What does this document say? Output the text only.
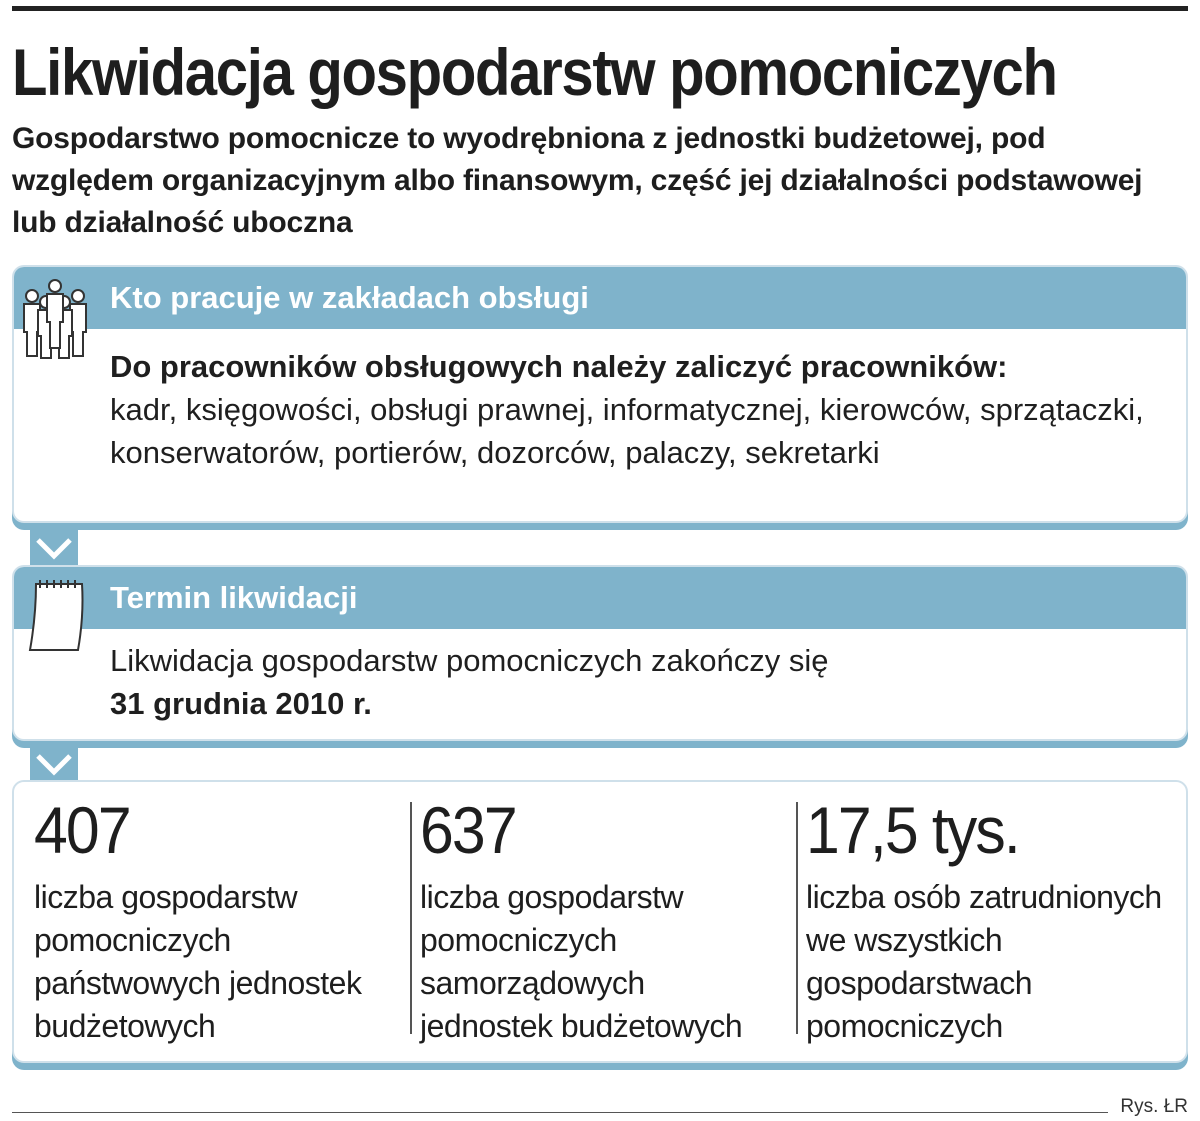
Likwidacja gospodarstw pomocniczych

Gospodarstwo pomocnicze to wyodrębniona z jednostki budżetowej, pod względem organizacyjnym albo finansowym, część jej działalności podstawowej lub działalność uboczna

Kto pracuje w zakładach obsługi
Do pracowników obsługowych należy zaliczyć pracowników:
kadr, księgowości, obsługi prawnej, informatycznej, kierowców, sprzątaczki, konserwatorów, portierów, dozorców, palaczy, sekretarki
Termin likwidacji
Likwidacja gospodarstw pomocniczych zakończy się
31 grudnia 2010 r.
407
liczba gospodarstw
pomocniczych
państwowych jednostek
budżetowych
637
liczba gospodarstw
pomocniczych
samorządowych
jednostek budżetowych
17,5 tys.
liczba osób zatrudnionych
we wszystkich
gospodarstwach
pomocniczych
Rys. ŁR
